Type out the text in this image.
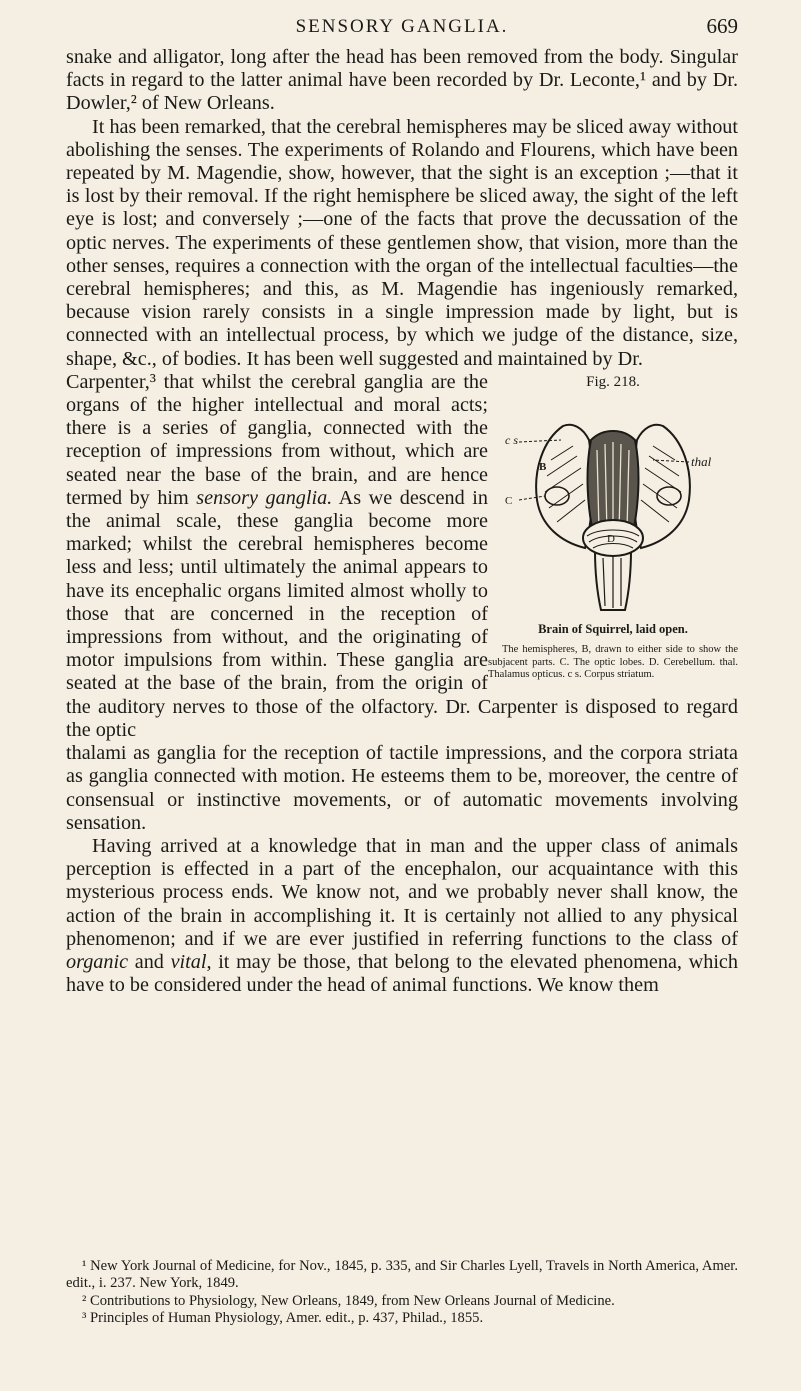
SENSORY GANGLIA.	669

snake and alligator, long after the head has been removed from the body. Singular facts in regard to the latter animal have been recorded by Dr. Leconte,¹ and by Dr. Dowler,² of New Orleans.

It has been remarked, that the cerebral hemispheres may be sliced away without abolishing the senses. The experiments of Rolando and Flourens, which have been repeated by M. Magendie, show, however, that the sight is an exception ;—that it is lost by their removal. If the right hemisphere be sliced away, the sight of the left eye is lost; and conversely ;—one of the facts that prove the decussation of the optic nerves. The experiments of these gentlemen show, that vision, more than the other senses, requires a connection with the organ of the intellectual faculties—the cerebral hemispheres; and this, as M. Magendie has ingeniously remarked, because vision rarely consists in a single impression made by light, but is connected with an intellectual process, by which we judge of the distance, size, shape, &c., of bodies. It has been well suggested and maintained by Dr.

Fig. 218.
c s
thal
B
C
D
Brain of Squirrel, laid open.
The hemispheres, B, drawn to either side to show the subjacent parts. C. The optic lobes. D. Cerebellum. thal. Thalamus opticus. c s. Corpus striatum.

Carpenter,³ that whilst the cerebral ganglia are the organs of the higher intellectual and moral acts; there is a series of ganglia, connected with the reception of impressions from without, which are seated near the base of the brain, and are hence termed by him sensory ganglia. As we descend in the animal scale, these ganglia become more marked; whilst the cerebral hemispheres become less and less; until ultimately the animal appears to have its encephalic organs limited almost wholly to those that are concerned in the reception of impressions from without, and the originating of motor impulsions from within. These ganglia are seated at the base of the brain, from the origin of the auditory nerves to those of the olfactory. Dr. Carpenter is disposed to regard the optic

thalami as ganglia for the reception of tactile impressions, and the corpora striata as ganglia connected with motion. He esteems them to be, moreover, the centre of consensual or instinctive movements, or of automatic movements involving sensation.

Having arrived at a knowledge that in man and the upper class of animals perception is effected in a part of the encephalon, our acquaintance with this mysterious process ends. We know not, and we probably never shall know, the action of the brain in accomplishing it. It is certainly not allied to any physical phenomenon; and if we are ever justified in referring functions to the class of organic and vital, it may be those, that belong to the elevated phenomena, which have to be considered under the head of animal functions. We know them

¹ New York Journal of Medicine, for Nov., 1845, p. 335, and Sir Charles Lyell, Travels in North America, Amer. edit., i. 237. New York, 1849.

² Contributions to Physiology, New Orleans, 1849, from New Orleans Journal of Medicine.

³ Principles of Human Physiology, Amer. edit., p. 437, Philad., 1855.
